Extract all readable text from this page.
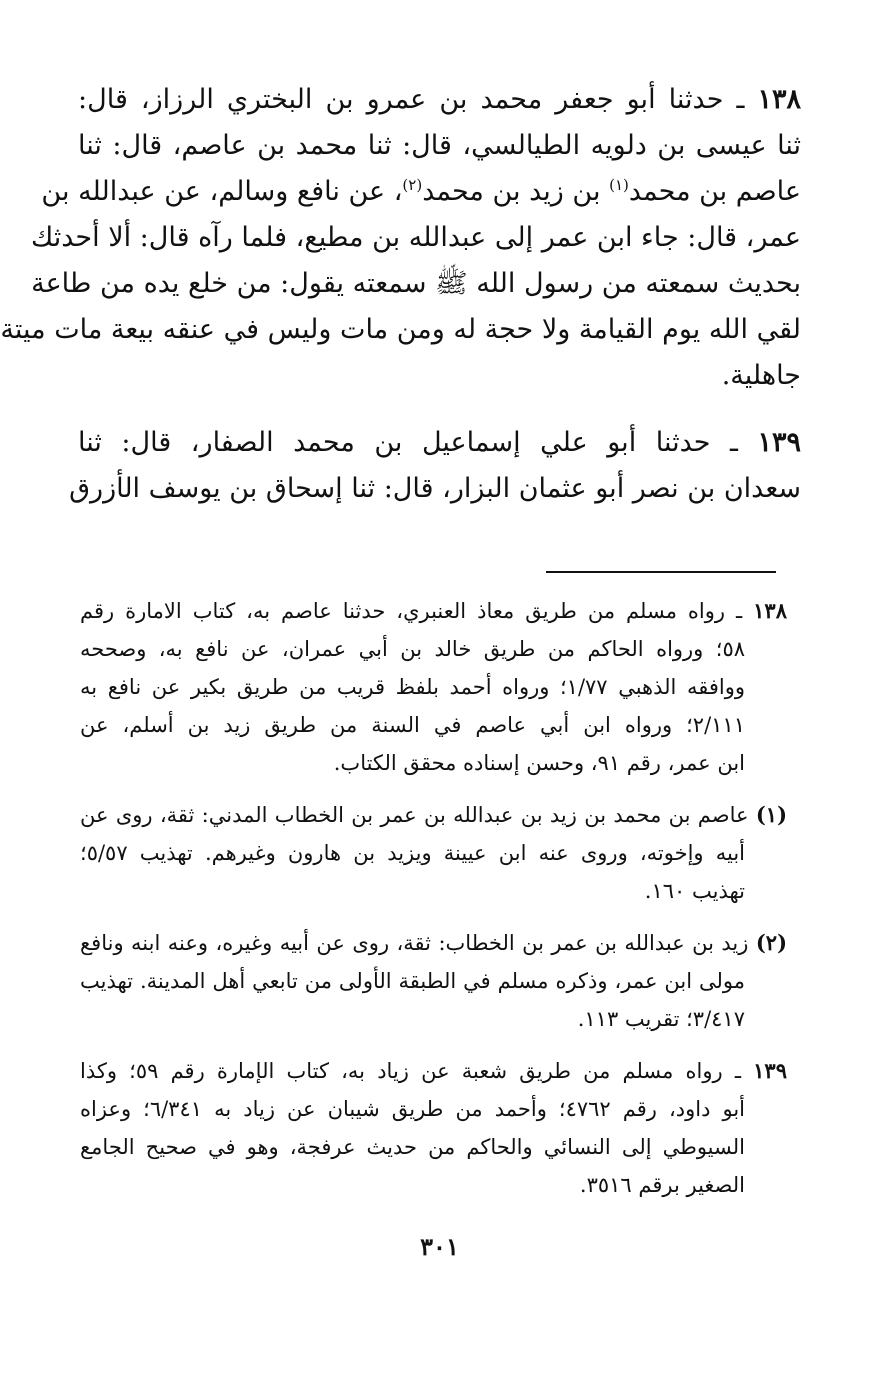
١٣٨ ـ حدثنا أبو جعفر محمد بن عمرو بن البختري الرزاز، قال:
ثنا عيسى بن دلويه الطيالسي، قال: ثنا محمد بن عاصم، قال: ثنا
عاصم بن محمد$^{(١)}$ بن زيد بن محمد$^{(٢)}$، عن نافع وسالم، عن عبدالله بن
عمر، قال: جاء ابن عمر إلى عبدالله بن مطيع، فلما رآه قال: ألا أحدثك
بحديث سمعته من رسول الله ﷺ سمعته يقول: من خلع يده من طاعة
لقي الله يوم القيامة ولا حجة له ومن مات وليس في عنقه بيعة مات ميتة
جاهلية.
١٣٩ ـ حدثنا أبو علي إسماعيل بن محمد الصفار، قال: ثنا
سعدان بن نصر أبو عثمان البزار، قال: ثنا إسحاق بن يوسف الأزرق
١٣٨ ـ رواه مسلم من طريق معاذ العنبري، حدثنا عاصم به، كتاب الامارة رقم
٥٨؛ ورواه الحاكم من طريق خالد بن أبي عمران، عن نافع به، وصححه
ووافقه الذهبي ١/٧٧؛ ورواه أحمد بلفظ قريب من طريق بكير عن نافع به
٢/١١١؛ ورواه ابن أبي عاصم في السنة من طريق زيد بن أسلم، عن
ابن عمر، رقم ٩١، وحسن إسناده محقق الكتاب.
(١) عاصم بن محمد بن زيد بن عبدالله بن عمر بن الخطاب المدني: ثقة، روى عن
أبيه وإخوته، وروى عنه ابن عيينة ويزيد بن هارون وغيرهم. تهذيب ٥/٥٧؛
تهذيب ١٦٠.
(٢) زيد بن عبدالله بن عمر بن الخطاب: ثقة، روى عن أبيه وغيره، وعنه ابنه ونافع
مولى ابن عمر، وذكره مسلم في الطبقة الأولى من تابعي أهل المدينة. تهذيب
٣/٤١٧؛ تقريب ١١٣.
١٣٩ ـ رواه مسلم من طريق شعبة عن زياد به، كتاب الإمارة رقم ٥٩؛ وكذا
أبو داود، رقم ٤٧٦٢؛ وأحمد من طريق شيبان عن زياد به ٦/٣٤١؛ وعزاه
السيوطي إلى النسائي والحاكم من حديث عرفجة، وهو في صحيح الجامع
الصغير برقم ٣٥١٦.
٣٠١
